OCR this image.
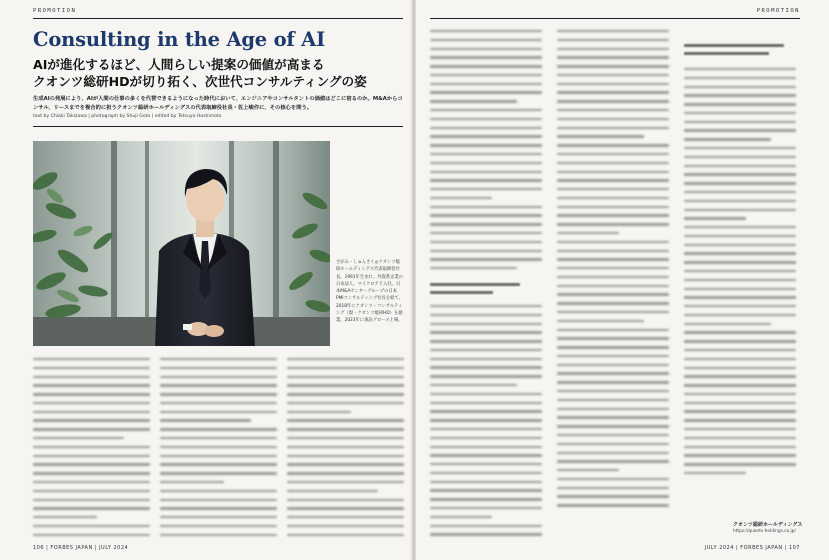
PROMOTION
Consulting in the Age of AI
AIが進化するほど、人間らしい提案の価値が高まる
クオンツ総研HDが切り拓く、次世代コンサルティングの姿
生成AIの発展により、AIが人間の仕事の多くを代替できるようになった時代において、エンジニアやコンサルタントの価値はどこに宿るのか。M&Aからコンサル、リースまでを複合的に担うクオンツ総研ホールディングスの代表取締役社長・佐上峻作に、その核心を問う。
text by Chiaki Takizawa | photograph by Shuji Goto | edited by Tetsuya Hashimoto
さがみ・しゅんさく◎クオンツ総研ホールディングス代表取締役社長。1991年生まれ。外資系企業の日本法人、マイクロアド入社。日本M&Aセンターグループの日本PMIコンサルティング社長を経て、2018年にクオンツ・コンサルティング（現・クオンツ総研HD）を創業。2023年に東証グロース上場。
106 | FORBES JAPAN | JULY 2024
PROMOTION
JULY 2024 | FORBES JAPAN | 107
クオンツ総研ホールディングス
https://quants-holdings.co.jp/
